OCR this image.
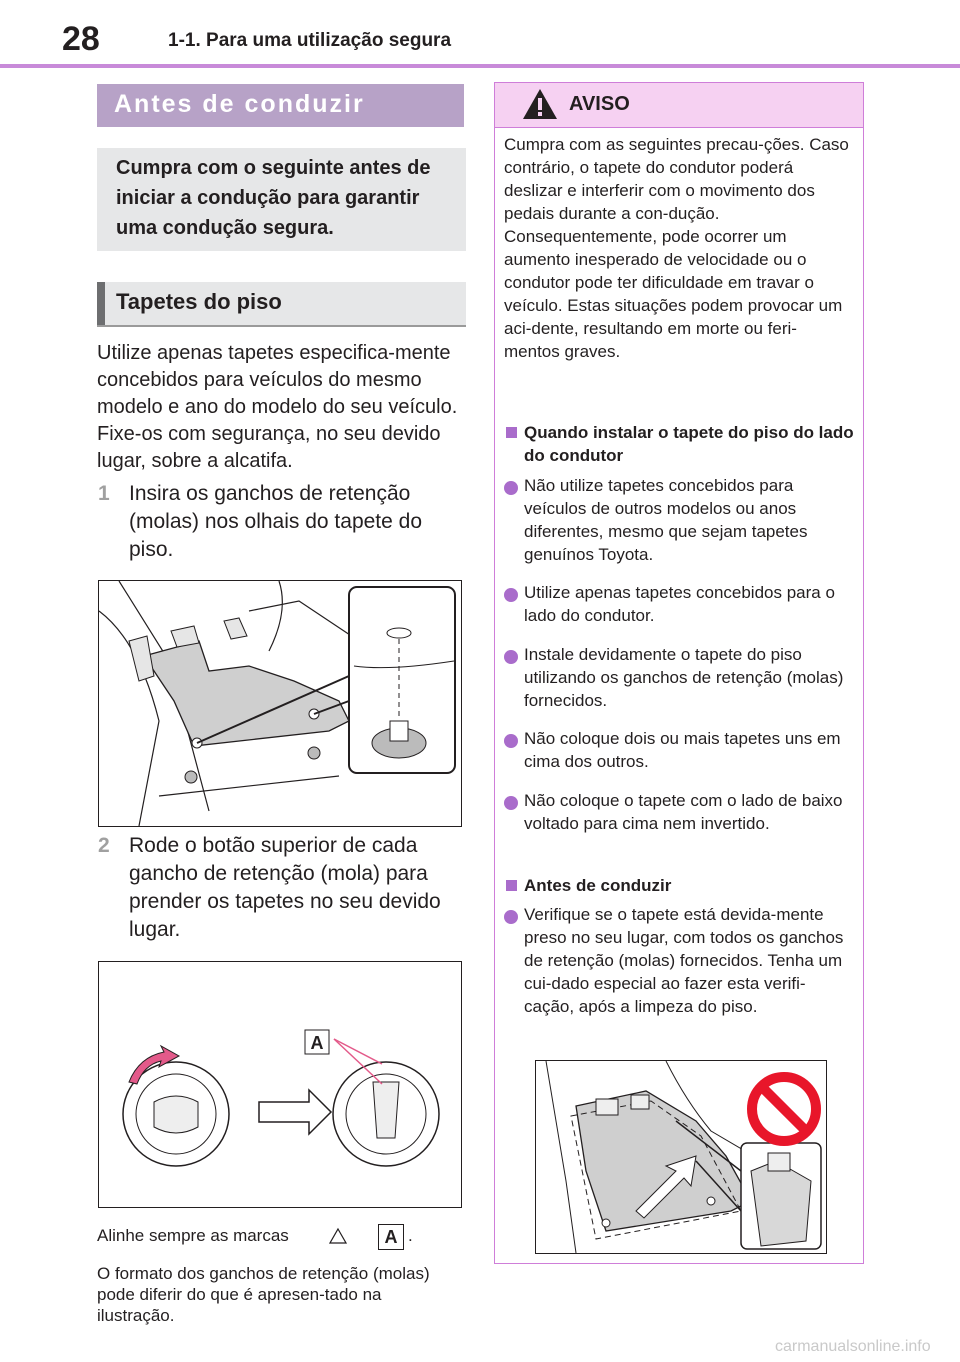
28	1-1. Para uma utilização segura
Antes de conduzir
Cumpra com o seguinte antes de iniciar a condução para garantir uma condução segura.
Tapetes do piso
Utilize apenas tapetes especifica-mente concebidos para veículos do mesmo modelo e ano do modelo do seu veículo. Fixe-os com segurança, no seu devido lugar, sobre a alcatifa.
1 Insira os ganchos de retenção (molas) nos olhais do tapete do piso.
2 Rode o botão superior de cada gancho de retenção (mola) para prender os tapetes no seu devido lugar.
A
Alinhe sempre as marcas	A .
O formato dos ganchos de retenção (molas) pode diferir do que é apresen-tado na ilustração.
AVISO
Cumpra com as seguintes precau-ções. Caso contrário, o tapete do condutor poderá deslizar e interferir com o movimento dos pedais durante a con-dução. Consequentemente, pode ocorrer um aumento inesperado de velocidade ou o condutor pode ter dificuldade em travar o veículo. Estas situações podem provocar um aci-dente, resultando em morte ou feri-mentos graves.
Quando instalar o tapete do piso do lado do condutor
Não utilize tapetes concebidos para veículos de outros modelos ou anos diferentes, mesmo que sejam tapetes genuínos Toyota.
Utilize apenas tapetes concebidos para o lado do condutor.
Instale devidamente o tapete do piso utilizando os ganchos de retenção (molas) fornecidos.
Não coloque dois ou mais tapetes uns em cima dos outros.
Não coloque o tapete com o lado de baixo voltado para cima nem invertido.
Antes de conduzir
Verifique se o tapete está devida-mente preso no seu lugar, com todos os ganchos de retenção (molas) fornecidos. Tenha um cui-dado especial ao fazer esta verifi-cação, após a limpeza do piso.
carmanualsonline.info
